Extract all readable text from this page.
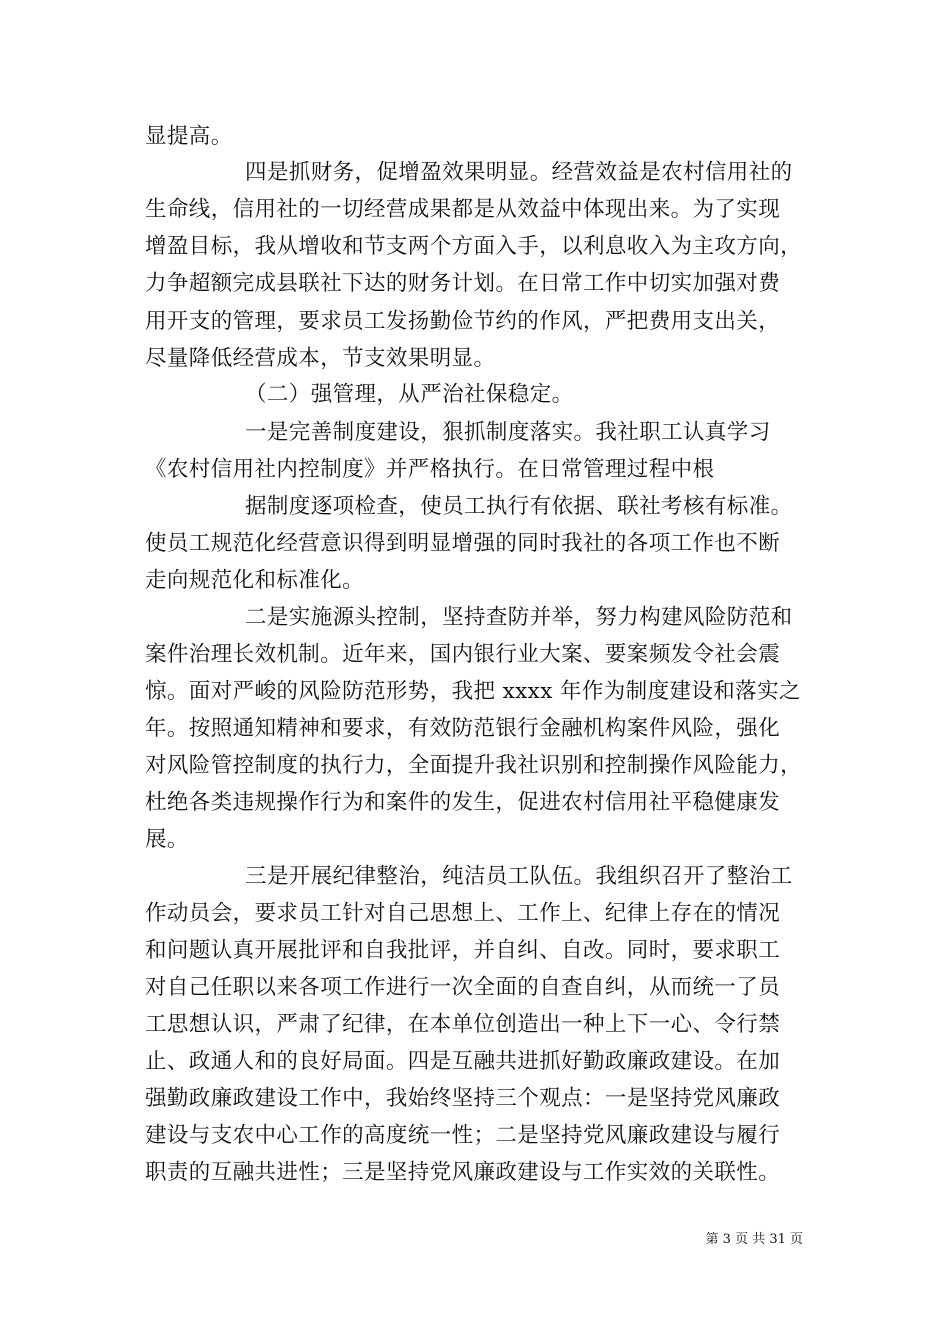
显提高。
四是抓财务，促增盈效果明显。经营效益是农村信用社的
生命线，信用社的一切经营成果都是从效益中体现出来。为了实现
增盈目标，我从增收和节支两个方面入手，以利息收入为主攻方向，
力争超额完成县联社下达的财务计划。在日常工作中切实加强对费
用开支的管理，要求员工发扬勤俭节约的作风，严把费用支出关，
尽量降低经营成本，节支效果明显。
（二）强管理，从严治社保稳定。
一是完善制度建设，狠抓制度落实。我社职工认真学习
《农村信用社内控制度》并严格执行。在日常管理过程中根
据制度逐项检查，使员工执行有依据、联社考核有标准。
使员工规范化经营意识得到明显增强的同时我社的各项工作也不断
走向规范化和标准化。
二是实施源头控制，坚持查防并举，努力构建风险防范和
案件治理长效机制。近年来，国内银行业大案、要案频发令社会震
惊。面对严峻的风险防范形势，我把 xxxx 年作为制度建设和落实之
年。按照通知精神和要求，有效防范银行金融机构案件风险，强化
对风险管控制度的执行力，全面提升我社识别和控制操作风险能力，
杜绝各类违规操作行为和案件的发生，促进农村信用社平稳健康发
展。
三是开展纪律整治，纯洁员工队伍。我组织召开了整治工
作动员会，要求员工针对自己思想上、工作上、纪律上存在的情况
和问题认真开展批评和自我批评，并自纠、自改。同时，要求职工
对自己任职以来各项工作进行一次全面的自查自纠，从而统一了员
工思想认识，严肃了纪律，在本单位创造出一种上下一心、令行禁
止、政通人和的良好局面。四是互融共进抓好勤政廉政建设。在加
强勤政廉政建设工作中，我始终坚持三个观点：一是坚持党风廉政
建设与支农中心工作的高度统一性；二是坚持党风廉政建设与履行
职责的互融共进性；三是坚持党风廉政建设与工作实效的关联性。
第 3 页 共 31 页
